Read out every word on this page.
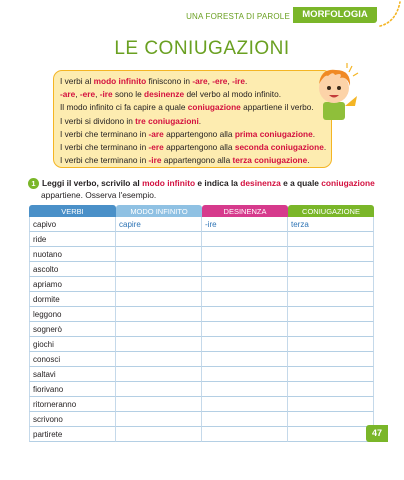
UNA FORESTA DI PAROLE	MORFOLOGIA
LE CONIUGAZIONI
I verbi al modo infinito finiscono in -are, -ere, -ire.
-are, -ere, -ire sono le desinenze del verbo al modo infinito.
Il modo infinito ci fa capire a quale coniugazione appartiene il verbo.
I verbi si dividono in tre coniugazioni.
I verbi che terminano in -are appartengono alla prima coniugazione.
I verbi che terminano in -ere appartengono alla seconda coniugazione.
I verbi che terminano in -ire appartengono alla terza coniugazione.
1 Leggi il verbo, scrivilo al modo infinito e indica la desinenza e a quale coniugazione
appartiene. Osserva l'esempio.
VERBI	MODO INFINITO	DESINENZA	CONIUGAZIONE
capivo	capire	-ire	terza
ride			
nuotano			
ascolto			
apriamo			
dormite			
leggono			
sognerò			
giochi			
conosci			
saltavi			
fiorivano			
ritorneranno			
scrivono			
partirete				47
